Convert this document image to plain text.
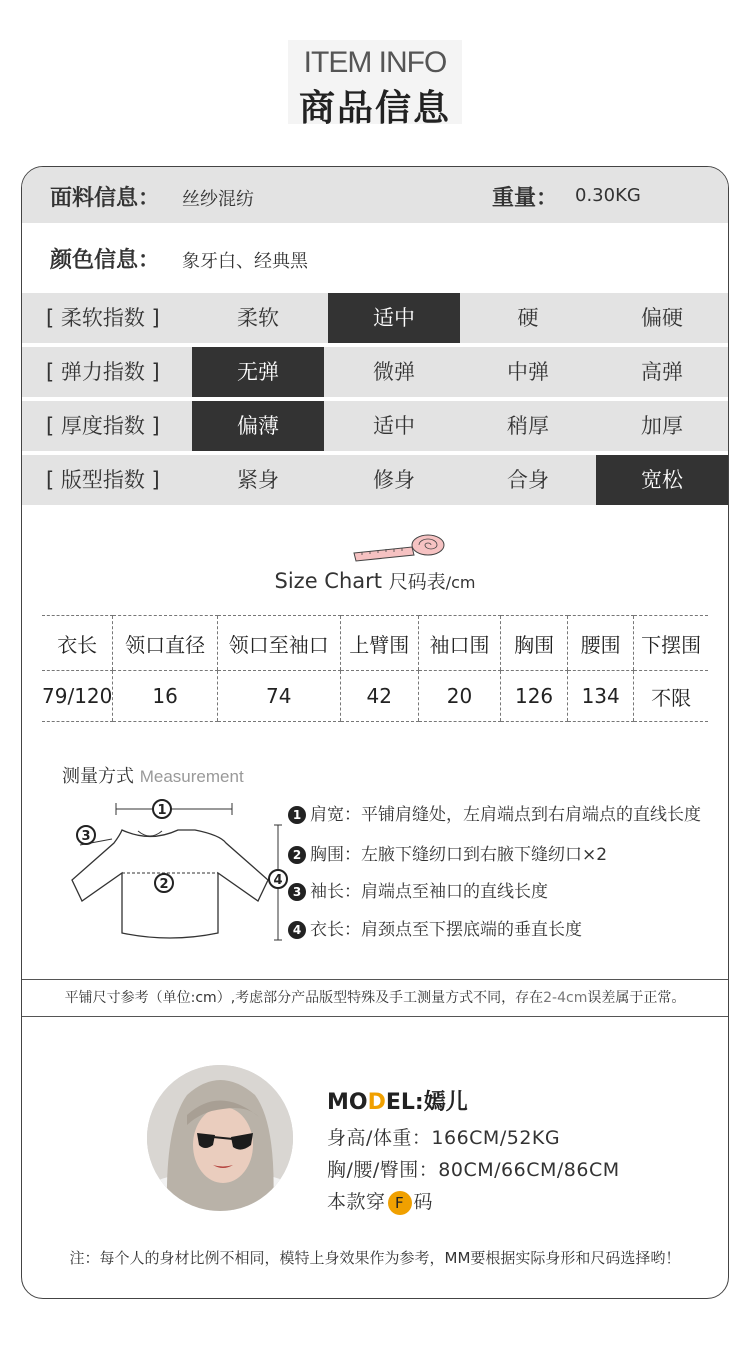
ITEM INFO
商品信息
面料信息： 丝纱混纺	重量： 0.30KG
颜色信息： 象牙白、经典黑
[ 柔软指数 ]	柔软	适中	硬	偏硬
[ 弹力指数 ]	无弹	微弹	中弹	高弹
[ 厚度指数 ]	偏薄	适中	稍厚	加厚
[ 版型指数 ]	紧身	修身	合身	宽松
Size Chart 尺码表/cm
衣长	领口直径	领口至袖口	上臂围	袖口围	胸围	腰围	下摆围
79/120	16	74	42	20	126	134	不限
测量方式 Measurement
1
2
3
4
1 肩宽：平铺肩缝处，左肩端点到右肩端点的直线长度
2 胸围：左腋下缝纫口到右腋下缝纫口×2
3 袖长：肩端点至袖口的直线长度
4 衣长：肩颈点至下摆底端的垂直长度
平铺尺寸参考（单位:cm）,考虑部分产品版型特殊及手工测量方式不同，存在2-4cm误差属于正常。
MODEL:嫣儿
身高/体重：166CM/52KG
胸/腰/臀围：80CM/66CM/86CM
本款穿 F 码
注：每个人的身材比例不相同，模特上身效果作为参考，MM要根据实际身形和尺码选择哟！
